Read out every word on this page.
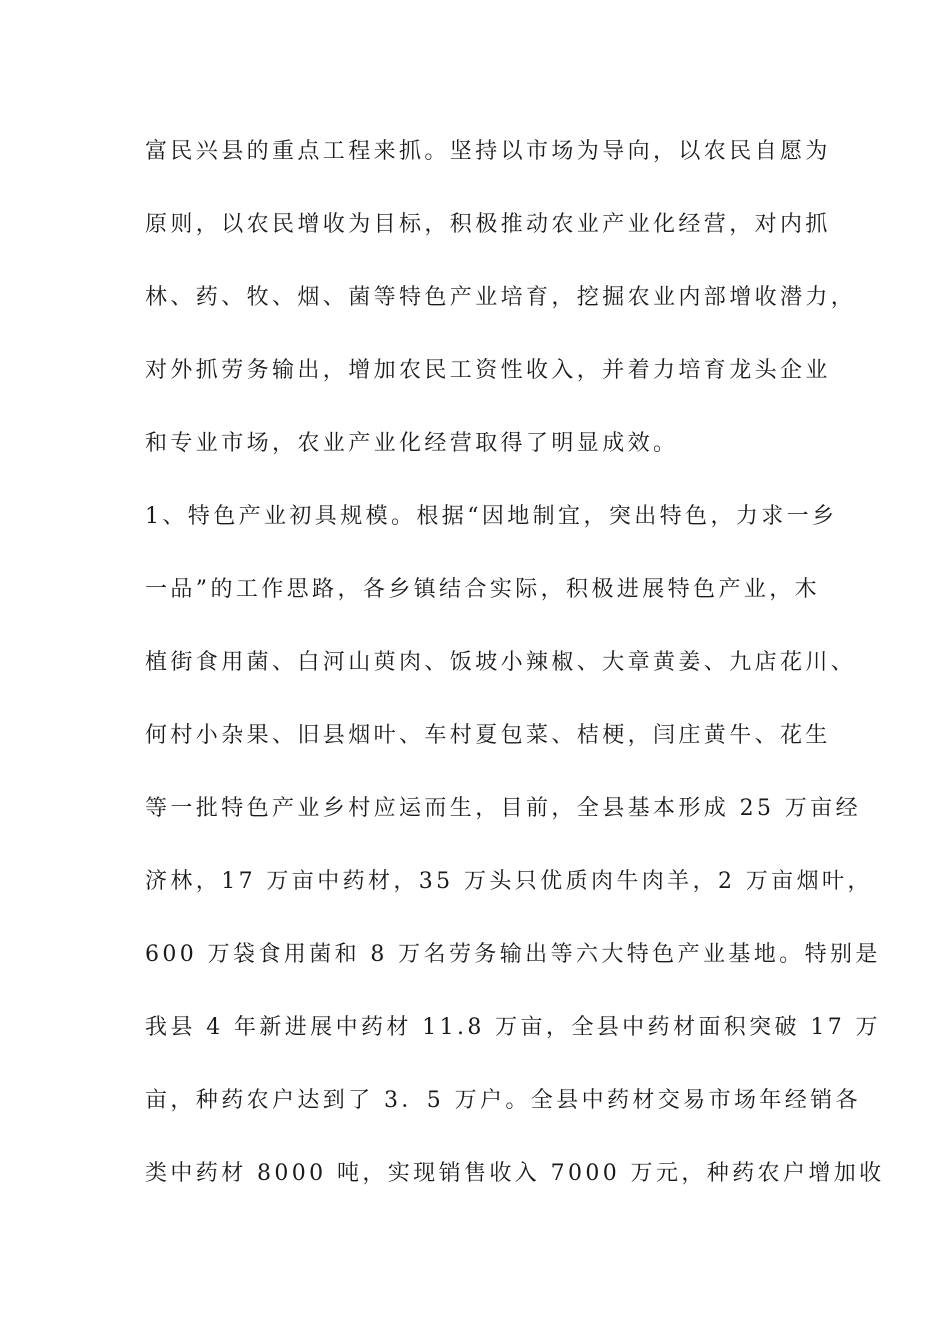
富民兴县的重点工程来抓。坚持以市场为导向，以农民自愿为
原则，以农民增收为目标，积极推动农业产业化经营，对内抓
林、药、牧、烟、菌等特色产业培育，挖掘农业内部增收潜力，
对外抓劳务输出，增加农民工资性收入，并着力培育龙头企业
和专业市场，农业产业化经营取得了明显成效。
1、特色产业初具规模。根据“因地制宜，突出特色，力求一乡
一品”的工作思路，各乡镇结合实际，积极进展特色产业，木
植街食用菌、白河山萸肉、饭坡小辣椒、大章黄姜、九店花川、
何村小杂果、旧县烟叶、车村夏包菜、桔梗，闫庄黄牛、花生
等一批特色产业乡村应运而生，目前，全县基本形成 25 万亩经
济林，17 万亩中药材，35 万头只优质肉牛肉羊，2 万亩烟叶，
600 万袋食用菌和 8 万名劳务输出等六大特色产业基地。特别是
我县 4 年新进展中药材 11.8 万亩，全县中药材面积突破 17 万
亩，种药农户达到了 3．5 万户。全县中药材交易市场年经销各
类中药材 8000 吨，实现销售收入 7000 万元，种药农户增加收
